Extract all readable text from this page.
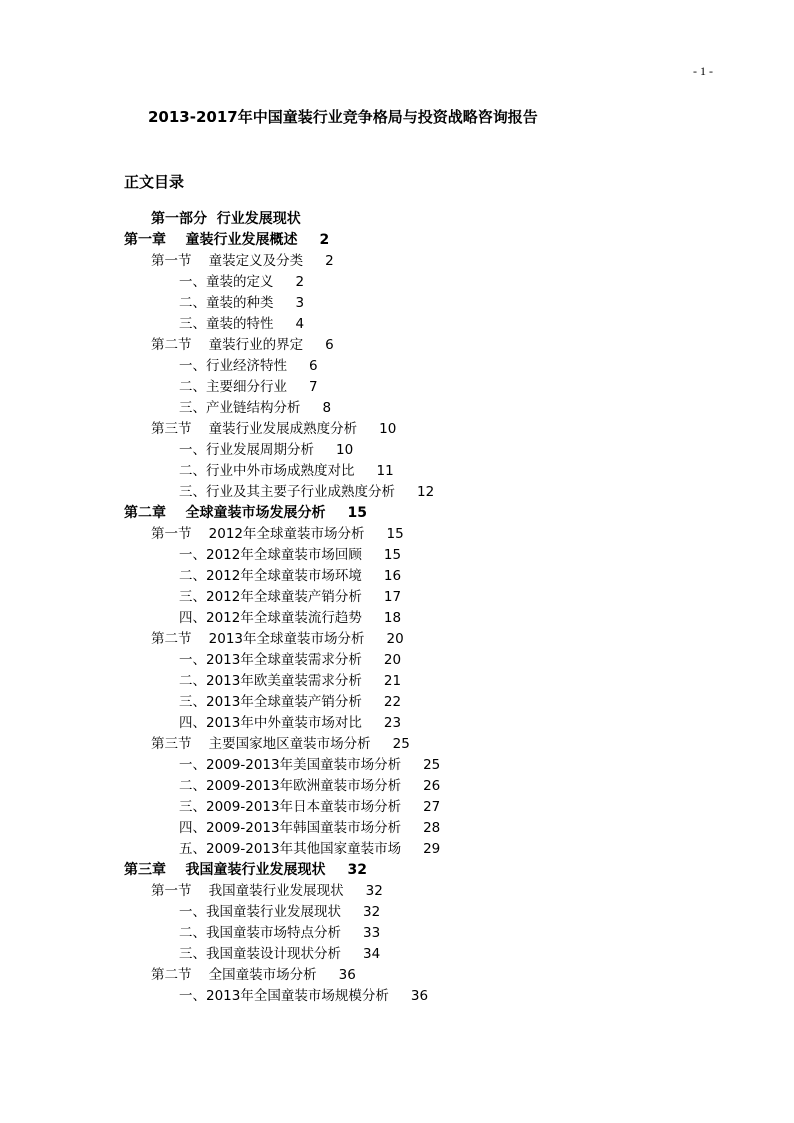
- 1 -
2013-2017年中国童装行业竞争格局与投资战略咨询报告
正文目录
第一部分  行业发展现状
第一章    童装行业发展概述 2
第一节    童装定义及分类 2
一、童装的定义 2
二、童装的种类 3
三、童装的特性 4
第二节    童装行业的界定 6
一、行业经济特性 6
二、主要细分行业 7
三、产业链结构分析 8
第三节    童装行业发展成熟度分析 10
一、行业发展周期分析 10
二、行业中外市场成熟度对比 11
三、行业及其主要子行业成熟度分析 12
第二章    全球童装市场发展分析 15
第一节    2012年全球童装市场分析 15
一、2012年全球童装市场回顾 15
二、2012年全球童装市场环境 16
三、2012年全球童装产销分析 17
四、2012年全球童装流行趋势 18
第二节    2013年全球童装市场分析 20
一、2013年全球童装需求分析 20
二、2013年欧美童装需求分析 21
三、2013年全球童装产销分析 22
四、2013年中外童装市场对比 23
第三节    主要国家地区童装市场分析 25
一、2009-2013年美国童装市场分析 25
二、2009-2013年欧洲童装市场分析 26
三、2009-2013年日本童装市场分析 27
四、2009-2013年韩国童装市场分析 28
五、2009-2013年其他国家童装市场 29
第三章    我国童装行业发展现状 32
第一节    我国童装行业发展现状 32
一、我国童装行业发展现状 32
二、我国童装市场特点分析 33
三、我国童装设计现状分析 34
第二节    全国童装市场分析 36
一、2013年全国童装市场规模分析 36
